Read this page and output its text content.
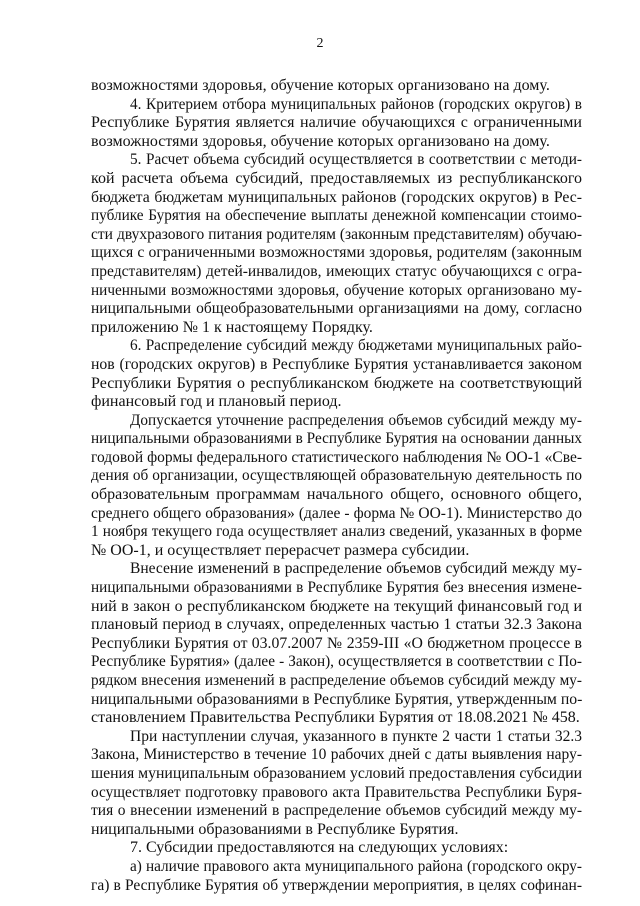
2
возможностями здоровья, обучение которых организовано на дому.
4. Критерием отбора муниципальных районов (городских округов) в
Республике Бурятия является наличие обучающихся с ограниченными
возможностями здоровья, обучение которых организовано на дому.
5. Расчет объема субсидий осуществляется в соответствии с методи-
кой расчета объема субсидий, предоставляемых из республиканского
бюджета бюджетам муниципальных районов (городских округов) в Рес-
публике Бурятия на обеспечение выплаты денежной компенсации стоимо-
сти двухразового питания родителям (законным представителям) обучаю-
щихся с ограниченными возможностями здоровья, родителям (законным
представителям) детей-инвалидов, имеющих статус обучающихся с огра-
ниченными возможностями здоровья, обучение которых организовано му-
ниципальными общеобразовательными организациями на дому, согласно
приложению № 1 к настоящему Порядку.
6. Распределение субсидий между бюджетами муниципальных райо-
нов (городских округов) в Республике Бурятия устанавливается законом
Республики Бурятия о республиканском бюджете на соответствующий
финансовый год и плановый период.
Допускается уточнение распределения объемов субсидий между му-
ниципальными образованиями в Республике Бурятия на основании данных
годовой формы федерального статистического наблюдения № ОО-1 «Све-
дения об организации, осуществляющей образовательную деятельность по
образовательным программам начального общего, основного общего,
среднего общего образования» (далее - форма № ОО-1). Министерство до
1 ноября текущего года осуществляет анализ сведений, указанных в форме
№ ОО-1, и осуществляет перерасчет размера субсидии.
Внесение изменений в распределение объемов субсидий между му-
ниципальными образованиями в Республике Бурятия без внесения измене-
ний в закон о республиканском бюджете на текущий финансовый год и
плановый период в случаях, определенных частью 1 статьи 32.3 Закона
Республики Бурятия от 03.07.2007 № 2359-III «О бюджетном процессе в
Республике Бурятия» (далее - Закон), осуществляется в соответствии с По-
рядком внесения изменений в распределение объемов субсидий между му-
ниципальными образованиями в Республике Бурятия, утвержденным по-
становлением Правительства Республики Бурятия от 18.08.2021 № 458.
При наступлении случая, указанного в пункте 2 части 1 статьи 32.3
Закона, Министерство в течение 10 рабочих дней с даты выявления нару-
шения муниципальным образованием условий предоставления субсидии
осуществляет подготовку правового акта Правительства Республики Буря-
тия о внесении изменений в распределение объемов субсидий между му-
ниципальными образованиями в Республике Бурятия.
7. Субсидии предоставляются на следующих условиях:
а) наличие правового акта муниципального района (городского окру-
га) в Республике Бурятия об утверждении мероприятия, в целях софинан-
